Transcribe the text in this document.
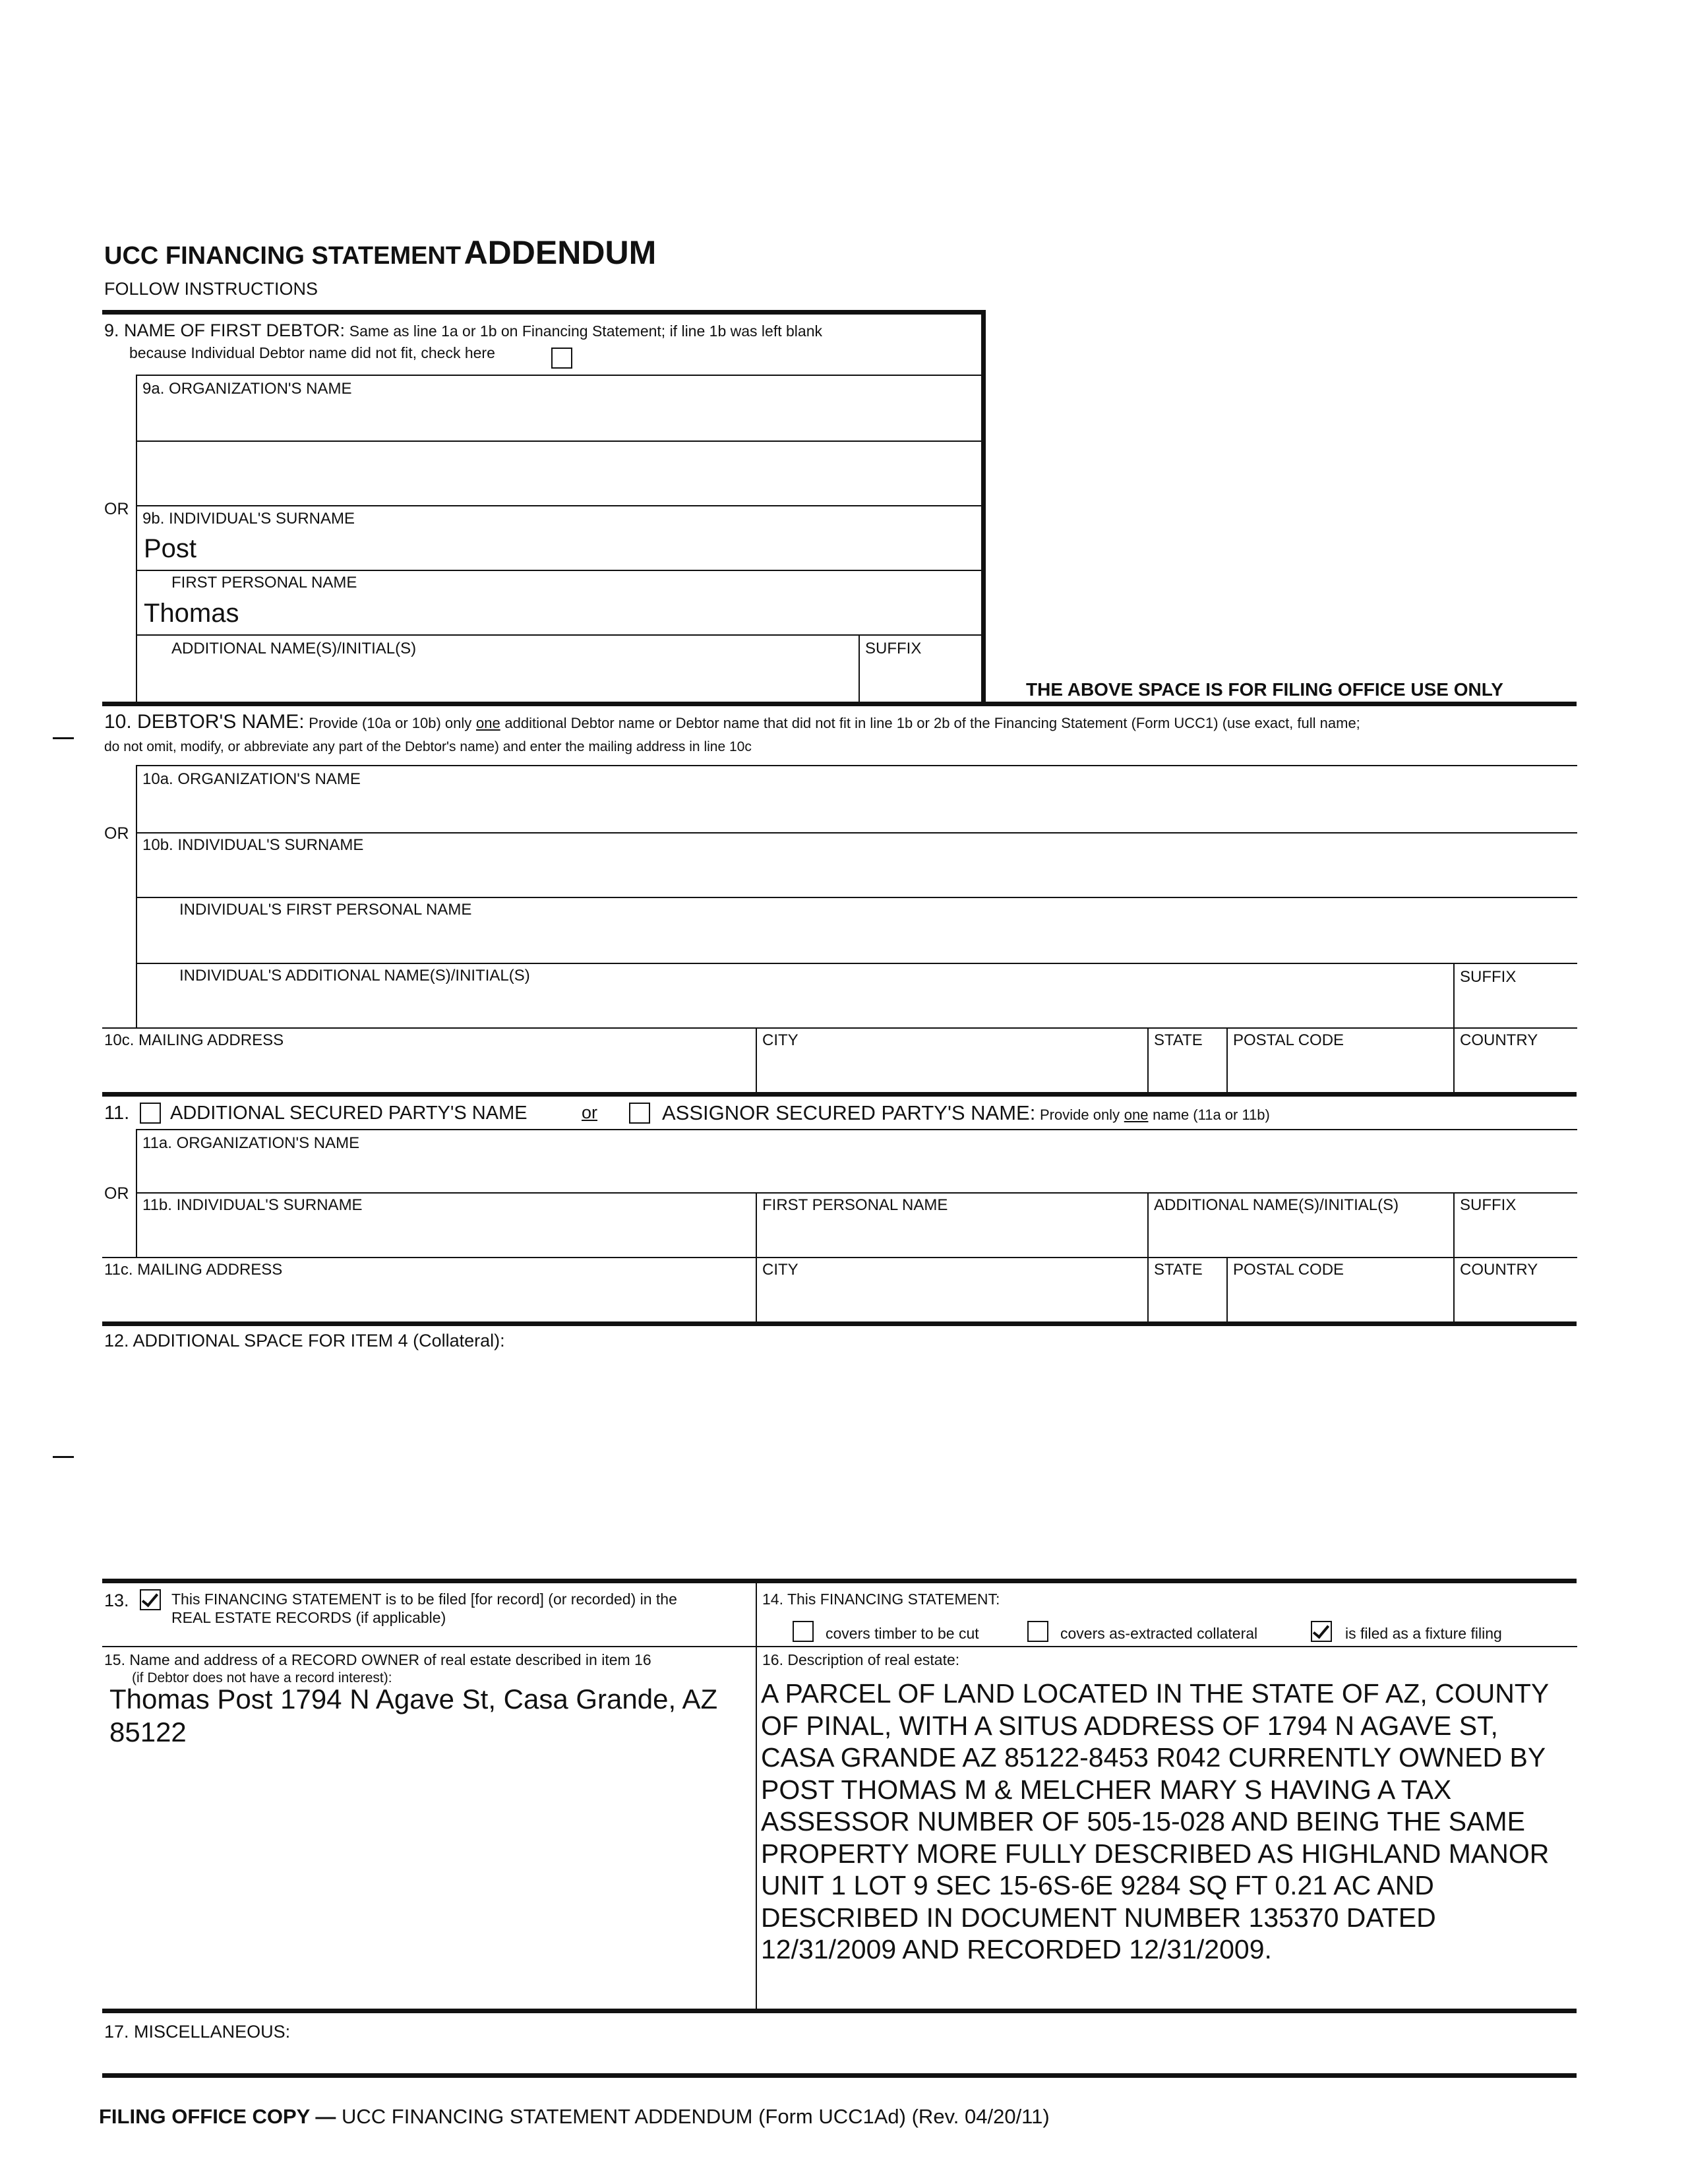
UCC FINANCING STATEMENT ADDENDUM
FOLLOW INSTRUCTIONS
9. NAME OF FIRST DEBTOR: Same as line 1a or 1b on Financing Statement; if line 1b was left blank
because Individual Debtor name did not fit, check here
9a. ORGANIZATION'S NAME
OR
9b. INDIVIDUAL'S SURNAME
Post
FIRST PERSONAL NAME
Thomas
ADDITIONAL NAME(S)/INITIAL(S)	SUFFIX
THE ABOVE SPACE IS FOR FILING OFFICE USE ONLY
10. DEBTOR'S NAME: Provide (10a or 10b) only one additional Debtor name or Debtor name that did not fit in line 1b or 2b of the Financing Statement (Form UCC1) (use exact, full name;
do not omit, modify, or abbreviate any part of the Debtor's name) and enter the mailing address in line 10c
10a. ORGANIZATION'S NAME
OR
10b. INDIVIDUAL'S SURNAME
INDIVIDUAL'S FIRST PERSONAL NAME
INDIVIDUAL'S ADDITIONAL NAME(S)/INITIAL(S)	SUFFIX
10c. MAILING ADDRESS	CITY	STATE POSTAL CODE	COUNTRY
11. ADDITIONAL SECURED PARTY'S NAME	or	ASSIGNOR SECURED PARTY'S NAME: Provide only one name (11a or 11b)
11a. ORGANIZATION'S NAME
OR
11b. INDIVIDUAL'S SURNAME	FIRST PERSONAL NAME	ADDITIONAL NAME(S)/INITIAL(S)	SUFFIX
11c. MAILING ADDRESS	CITY	STATE POSTAL CODE	COUNTRY
12. ADDITIONAL SPACE FOR ITEM 4 (Collateral):
13.	This FINANCING STATEMENT is to be filed [for record] (or recorded) in the
REAL ESTATE RECORDS (if applicable)
14. This FINANCING STATEMENT:
covers timber to be cut	covers as-extracted collateral	is filed as a fixture filing
15. Name and address of a RECORD OWNER of real estate described in item 16
(if Debtor does not have a record interest):
Thomas Post 1794 N Agave St, Casa Grande, AZ
85122
16. Description of real estate:
A PARCEL OF LAND LOCATED IN THE STATE OF AZ, COUNTY
OF PINAL, WITH A SITUS ADDRESS OF 1794 N AGAVE ST,
CASA GRANDE AZ 85122-8453 R042 CURRENTLY OWNED BY
POST THOMAS M & MELCHER MARY S HAVING A TAX
ASSESSOR NUMBER OF 505-15-028 AND BEING THE SAME
PROPERTY MORE FULLY DESCRIBED AS HIGHLAND MANOR
UNIT 1 LOT 9 SEC 15-6S-6E 9284 SQ FT 0.21 AC AND
DESCRIBED IN DOCUMENT NUMBER 135370 DATED
12/31/2009 AND RECORDED 12/31/2009.
17. MISCELLANEOUS:
FILING OFFICE COPY — UCC FINANCING STATEMENT ADDENDUM (Form UCC1Ad) (Rev. 04/20/11)
